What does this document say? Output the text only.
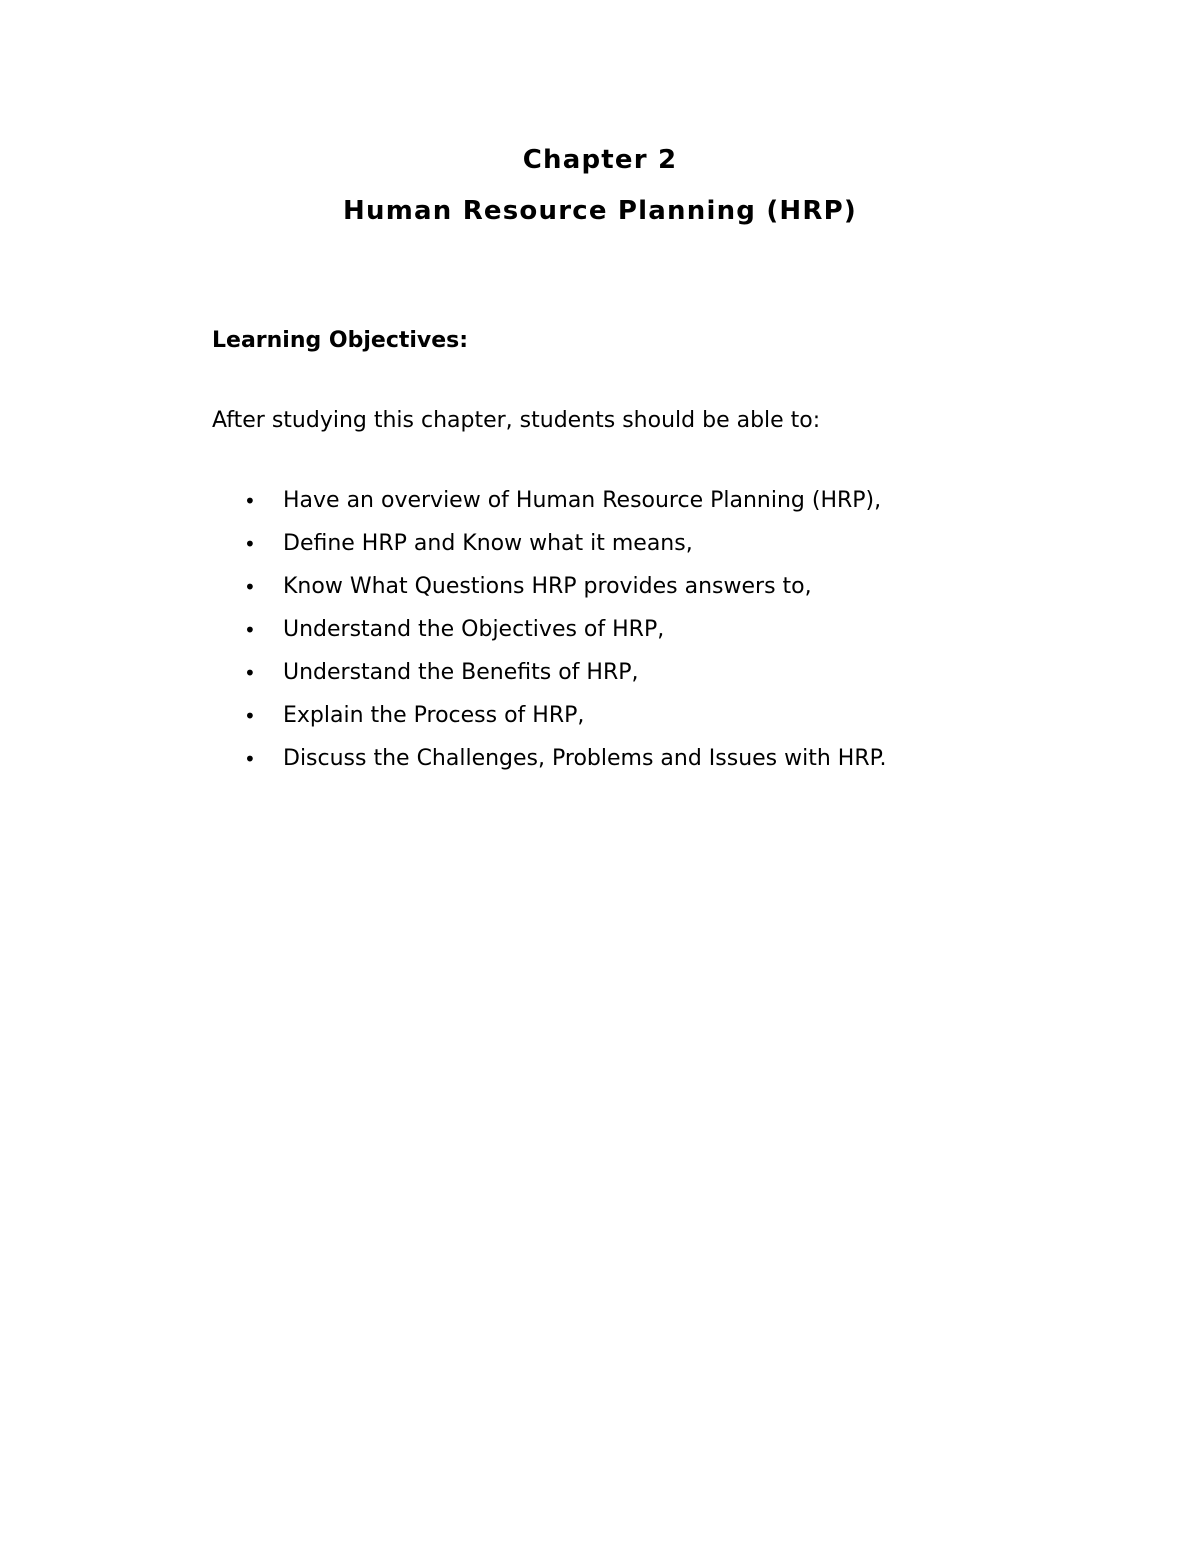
Chapter 2
Human Resource Planning (HRP)
Learning Objectives:
After studying this chapter, students should be able to:
•	Have an overview of Human Resource Planning (HRP),
•	Define HRP and Know what it means,
•	Know What Questions HRP provides answers to,
•	Understand the Objectives of HRP,
•	Understand the Benefits of HRP,
•	Explain the Process of HRP,
•	Discuss the Challenges, Problems and Issues with HRP.
